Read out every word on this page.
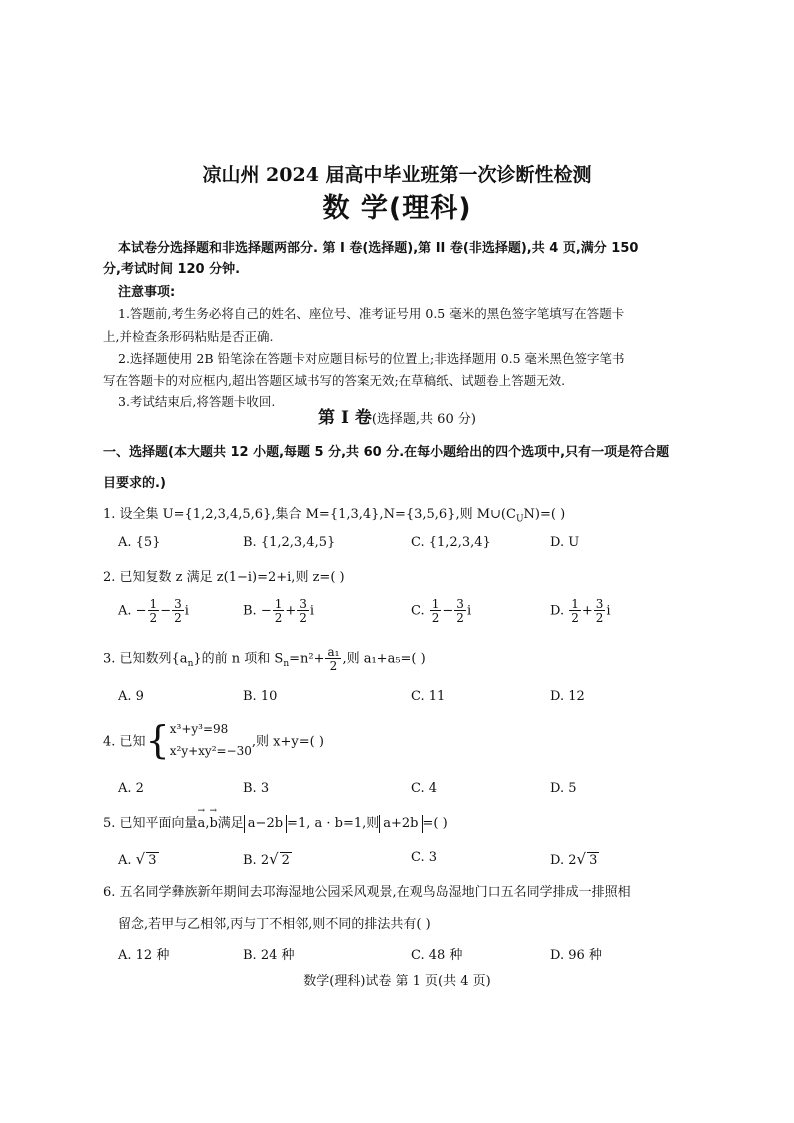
凉山州 2024 届高中毕业班第一次诊断性检测
数 学(理科)
本试卷分选择题和非选择题两部分. 第 I 卷(选择题),第 II 卷(非选择题),共 4 页,满分 150
分,考试时间 120 分钟.
注意事项:
1.答题前,考生务必将自己的姓名、座位号、准考证号用 0.5 毫米的黑色签字笔填写在答题卡
上,并检查条形码粘贴是否正确.
2.选择题使用 2B 铅笔涂在答题卡对应题目标号的位置上;非选择题用 0.5 毫米黑色签字笔书
写在答题卡的对应框内,超出答题区域书写的答案无效;在草稿纸、试题卷上答题无效.
3.考试结束后,将答题卡收回.
第 I 卷(选择题,共 60 分)
一、选择题(本大题共 12 小题,每题 5 分,共 60 分.在每小题给出的四个选项中,只有一项是符合题
目要求的.)
1. 设全集 U={1,2,3,4,5,6},集合 M={1,3,4},N={3,5,6},则 $M\cup(C_UN)=$( )
A. {5}	B. {1,2,3,4,5}	C. {1,2,3,4}	D. U
2. 已知复数 z 满足 z(1−i)=2+i,则 z=( )
A. − $\frac{1}{2} - \frac{3}{2}$ i	B. − $\frac{1}{2} + \frac{3}{2}$ i	C. $\frac{1}{2} - \frac{3}{2}$ i	D. $\frac{1}{2} + \frac{3}{2}$ i
3. 已知数列$\{a_n\}$的前 n 项和 $S_n=n^2+ \frac{\text{a₁}}{2}$ ,则 a₁+a₅=( )
A. 9	B. 10	C. 11	D. 12
4. 已知{ x³+y³=98
x²y+xy²=−30
,则 x+y=( )
A. 2	B. 3	C. 4	D. 5
5. 已知平面向量→ a,→ b满足 a−2b =1, a · b=1,则 a+2b =( )
A. √ 3	B. 2√ 2	C. 3	D. 2√ 3
6. 五名同学彝族新年期间去邛海湿地公园采风观景,在观鸟岛湿地门口五名同学排成一排照相
留念,若甲与乙相邻,丙与丁不相邻,则不同的排法共有( )
A. 12 种	B. 24 种	C. 48 种	D. 96 种
数学(理科)试卷 第 1 页(共 4 页)
